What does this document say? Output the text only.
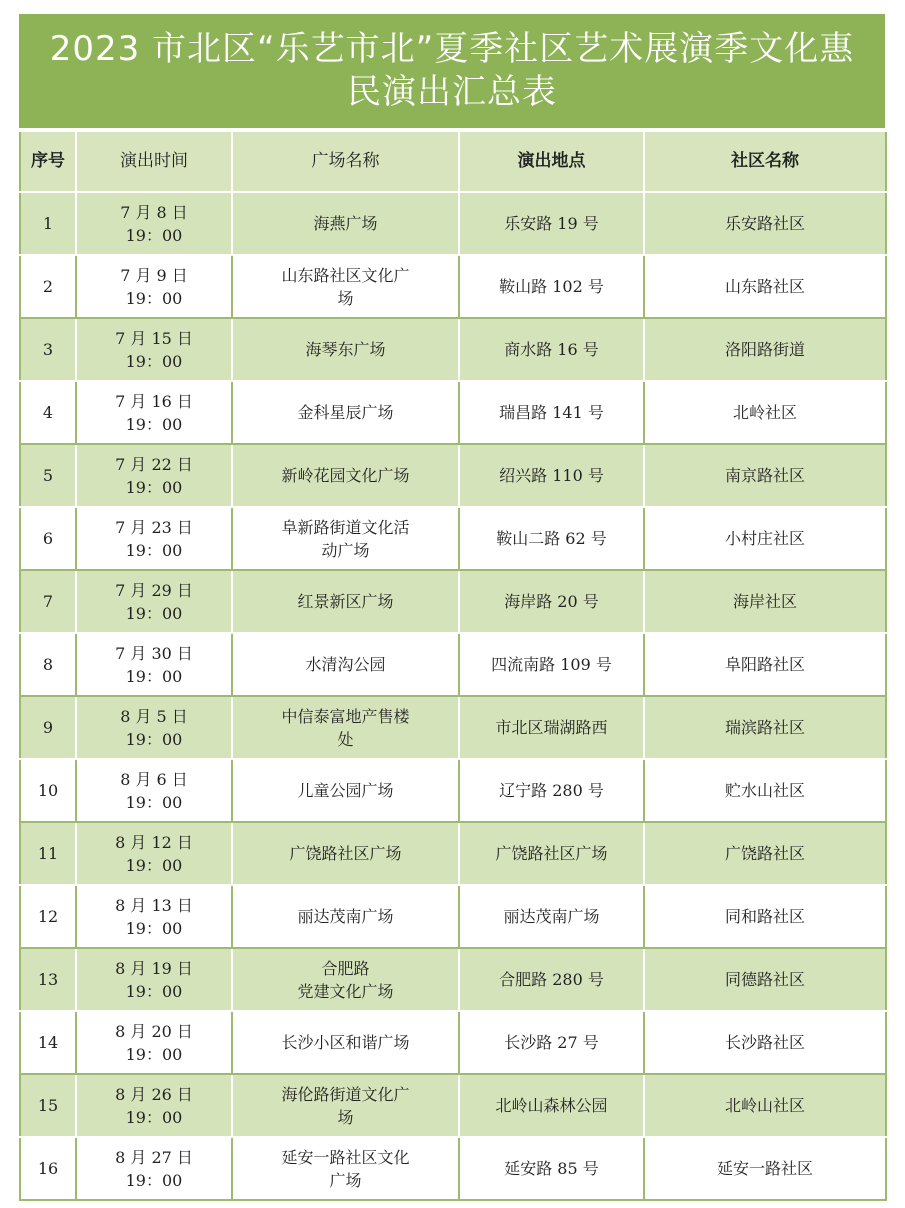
2023 市北区“乐艺市北”夏季社区艺术展演季文化惠
民演出汇总表
序号	演出时间	广场名称	演出地点	社区名称
1	7 月 8 日
19：00	海燕广场	乐安路 19 号	乐安路社区
2	7 月 9 日
19：00	山东路社区文化广
场	鞍山路 102 号	山东路社区
3	7 月 15 日
19：00	海琴东广场	商水路 16 号	洛阳路街道
4	7 月 16 日
19：00	金科星辰广场	瑞昌路 141 号	北岭社区
5	7 月 22 日
19：00	新岭花园文化广场	绍兴路 110 号	南京路社区
6	7 月 23 日
19：00	阜新路街道文化活
动广场	鞍山二路 62 号	小村庄社区
7	7 月 29 日
19：00	红景新区广场	海岸路 20 号	海岸社区
8	7 月 30 日
19：00	水清沟公园	四流南路 109 号	阜阳路社区
9	8 月 5 日
19：00	中信泰富地产售楼
处	市北区瑞湖路西	瑞滨路社区
10	8 月 6 日
19：00	儿童公园广场	辽宁路 280 号	贮水山社区
11	8 月 12 日
19：00	广饶路社区广场	广饶路社区广场	广饶路社区
12	8 月 13 日
19：00	丽达茂南广场	丽达茂南广场	同和路社区
13	8 月 19 日
19：00	合肥路
党建文化广场	合肥路 280 号	同德路社区
14	8 月 20 日
19：00	长沙小区和谐广场	长沙路 27 号	长沙路社区
15	8 月 26 日
19：00	海伦路街道文化广
场	北岭山森林公园	北岭山社区
16	8 月 27 日
19：00	延安一路社区文化
广场	延安路 85 号	延安一路社区
